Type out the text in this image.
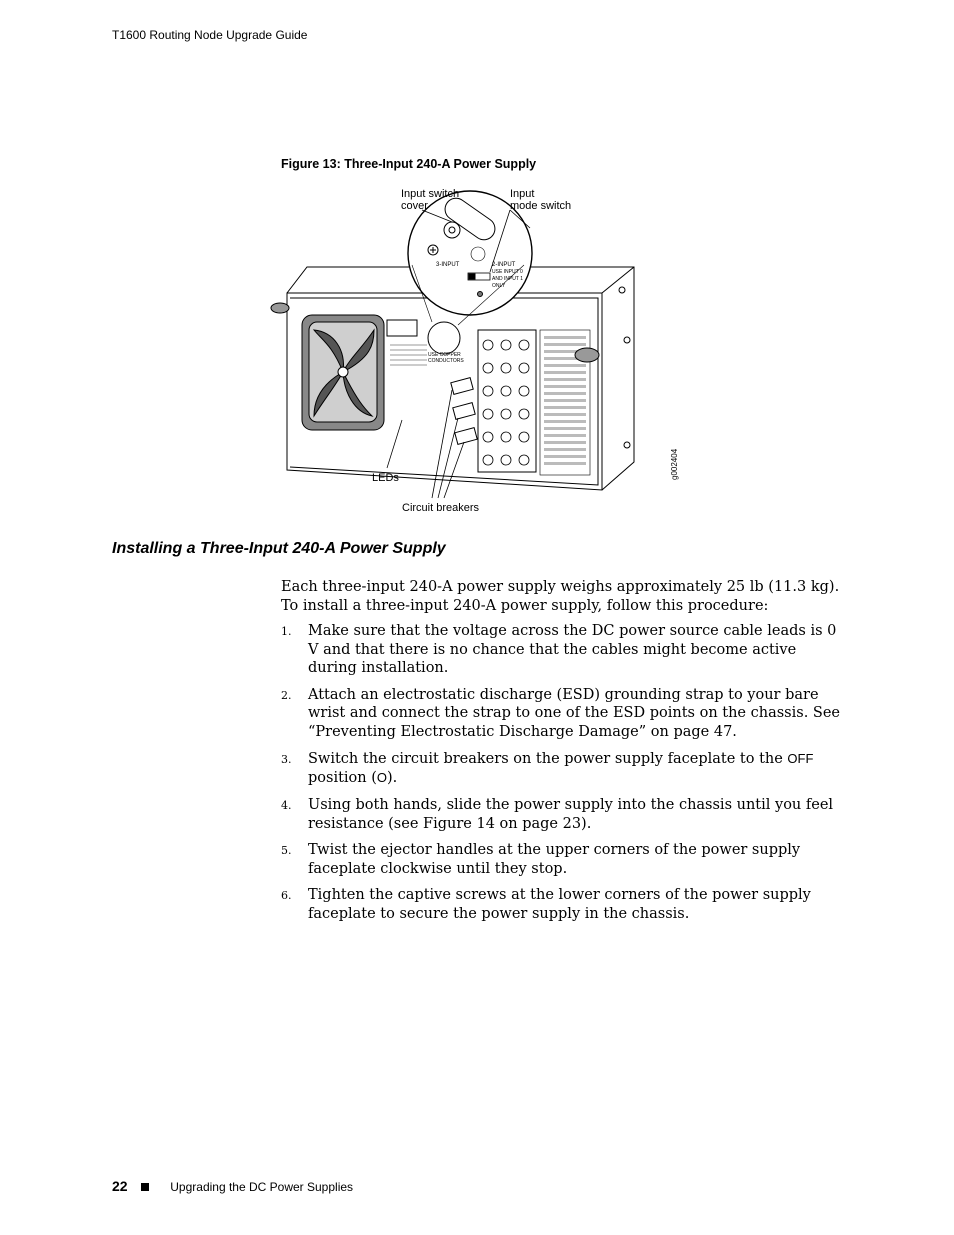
T1600 Routing Node Upgrade Guide
Figure 13: Three-Input 240-A Power Supply
Input switch
cover
Input
mode switch
LEDs
Circuit breakers
g002404
3-INPUT	2-INPUT
USE INPUT 0
AND INPUT 1
ONLY
USE COPPER
CONDUCTORS
Installing a Three-Input 240-A Power Supply
Each three-input 240-A power supply weighs approximately 25 lb (11.3 kg). To install a three-input 240-A power supply, follow this procedure:
1. Make sure that the voltage across the DC power source cable leads is 0 V and that there is no chance that the cables might become active during installation.
2. Attach an electrostatic discharge (ESD) grounding strap to your bare wrist and connect the strap to one of the ESD points on the chassis. See “Preventing Electrostatic Discharge Damage” on page 47.
3. Switch the circuit breakers on the power supply faceplate to the OFF position (O).
4. Using both hands, slide the power supply into the chassis until you feel resistance (see Figure 14 on page 23).
5. Twist the ejector handles at the upper corners of the power supply faceplate clockwise until they stop.
6. Tighten the captive screws at the lower corners of the power supply faceplate to secure the power supply in the chassis.
22	Upgrading the DC Power Supplies
